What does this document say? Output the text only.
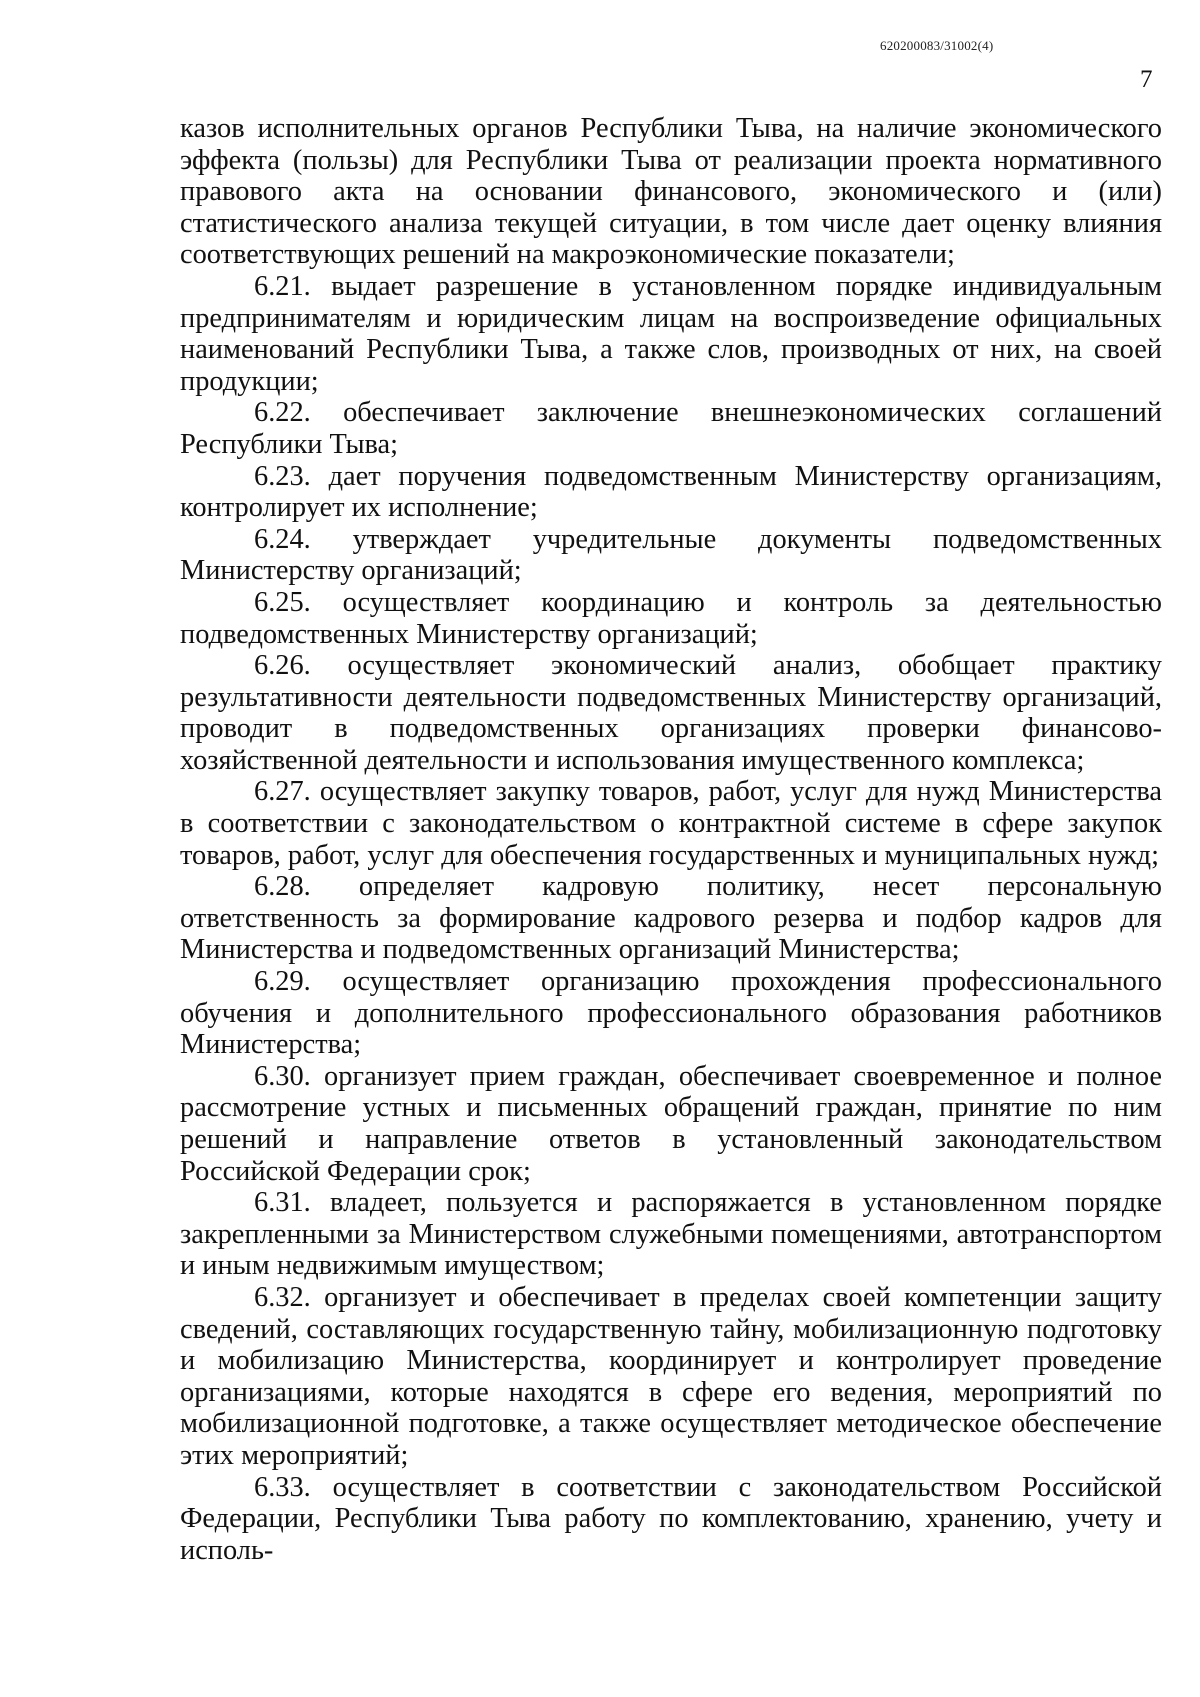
620200083/31002(4)
7

казов исполнительных органов Республики Тыва, на наличие экономического эффекта (пользы) для Республики Тыва от реализации проекта нормативного правового акта на основании финансового, экономического и (или) статистического анализа текущей ситуации, в том числе дает оценку влияния соответствующих решений на макроэкономические показатели;

6.21. выдает разрешение в установленном порядке индивидуальным предпринимателям и юридическим лицам на воспроизведение официальных наименований Республики Тыва, а также слов, производных от них, на своей продукции;

6.22. обеспечивает заключение внешнеэкономических соглашений Республики Тыва;

6.23. дает поручения подведомственным Министерству организациям, контролирует их исполнение;

6.24. утверждает учредительные документы подведомственных Министерству организаций;

6.25. осуществляет координацию и контроль за деятельностью подведомственных Министерству организаций;

6.26. осуществляет экономический анализ, обобщает практику результативности деятельности подведомственных Министерству организаций, проводит в подведомственных организациях проверки финансово-хозяйственной деятельности и использования имущественного комплекса;

6.27. осуществляет закупку товаров, работ, услуг для нужд Министерства в соответствии с законодательством о контрактной системе в сфере закупок товаров, работ, услуг для обеспечения государственных и муниципальных нужд;

6.28. определяет кадровую политику, несет персональную ответственность за формирование кадрового резерва и подбор кадров для Министерства и подведомственных организаций Министерства;

6.29. осуществляет организацию прохождения профессионального обучения и дополнительного профессионального образования работников Министерства;

6.30. организует прием граждан, обеспечивает своевременное и полное рассмотрение устных и письменных обращений граждан, принятие по ним решений и направление ответов в установленный законодательством Российской Федерации срок;

6.31. владеет, пользуется и распоряжается в установленном порядке закрепленными за Министерством служебными помещениями, автотранспортом и иным недвижимым имуществом;

6.32. организует и обеспечивает в пределах своей компетенции защиту сведений, составляющих государственную тайну, мобилизационную подготовку и мобилизацию Министерства, координирует и контролирует проведение организациями, которые находятся в сфере его ведения, мероприятий по мобилизационной подготовке, а также осуществляет методическое обеспечение этих мероприятий;

6.33. осуществляет в соответствии с законодательством Российской Федерации, Республики Тыва работу по комплектованию, хранению, учету и исполь-
